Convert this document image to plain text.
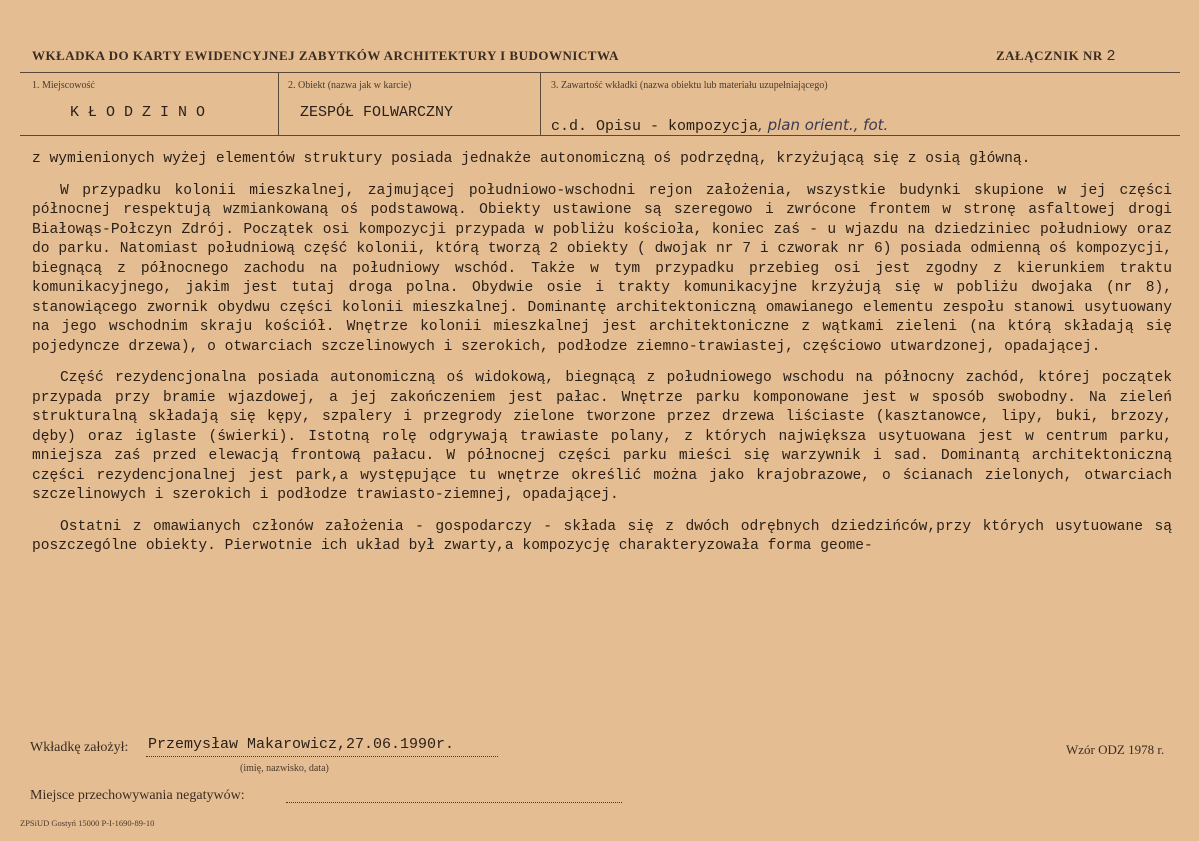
WKŁADKA DO KARTY EWIDENCYJNEJ ZABYTKÓW ARCHITEKTURY I BUDOWNICTWA	ZAŁĄCZNIK NR 2
1. Miejscowość
KŁODZINO
2. Obiekt (nazwa jak w karcie)
ZESPÓŁ FOLWARCZNY
3. Zawartość wkładki (nazwa obiektu lub materiału uzupełniającego)
c.d. Opisu - kompozycja, plan orient., fot.

z wymienionych wyżej elementów struktury posiada jednakże autonomiczną oś podrzędną, krzyżującą się z osią główną.

W przypadku kolonii mieszkalnej, zajmującej południowo-wschodni rejon założenia, wszystkie budynki skupione w jej części północnej respektują wzmiankowaną oś podstawową. Obiekty ustawione są szeregowo i zwrócone frontem w stronę asfaltowej drogi Białowąs-Połczyn Zdrój. Początek osi kompozycji przypada w pobliżu kościoła, koniec zaś - u wjazdu na dziedziniec południowy oraz do parku. Natomiast południową część kolonii, którą tworzą 2 obiekty ( dwojak nr 7 i czworak nr 6) posiada odmienną oś kompozycji, biegnącą z północnego zachodu na południowy wschód. Także w tym przypadku przebieg osi jest zgodny z kierunkiem traktu komunikacyjnego, jakim jest tutaj droga polna. Obydwie osie i trakty komunikacyjne krzyżują się w pobliżu dwojaka (nr 8), stanowiącego zwornik obydwu części kolonii mieszkalnej. Dominantę architektoniczną omawianego elementu zespołu stanowi usytuowany na jego wschodnim skraju kościół. Wnętrze kolonii mieszkalnej jest architektoniczne z wątkami zieleni (na którą składają się pojedyncze drzewa), o otwarciach szczelinowych i szerokich, podłodze ziemno-trawiastej, częściowo utwardzonej, opadającej.

Część rezydencjonalna posiada autonomiczną oś widokową, biegnącą z południowego wschodu na północny zachód, której początek przypada przy bramie wjazdowej, a jej zakończeniem jest pałac. Wnętrze parku komponowane jest w sposób swobodny. Na zieleń strukturalną składają się kępy, szpalery i przegrody zielone tworzone przez drzewa liściaste (kasztanowce, lipy, buki, brzozy, dęby) oraz iglaste (świerki). Istotną rolę odgrywają trawiaste polany, z których największa usytuowana jest w centrum parku, mniejsza zaś przed elewacją frontową pałacu. W północnej części parku mieści się warzywnik i sad. Dominantą architektoniczną części rezydencjonalnej jest park,a występujące tu wnętrze określić można jako krajobrazowe, o ścianach zielonych, otwarciach szczelinowych i szerokich i podłodze trawiasto-ziemnej, opadającej.

Ostatni z omawianych członów założenia - gospodarczy - składa się z dwóch odrębnych dziedzińców,przy których usytuowane są poszczególne obiekty. Pierwotnie ich układ był zwarty,a kompozycję charakteryzowała forma geome-

Wkładkę założył: Przemysław Makarowicz,27.06.1990r.
(imię, nazwisko, data)
Wzór ODZ 1978 r.
Miejsce przechowywania negatywów:
ZPSiUD Gostyń 15000 P-I-1690-89-10
